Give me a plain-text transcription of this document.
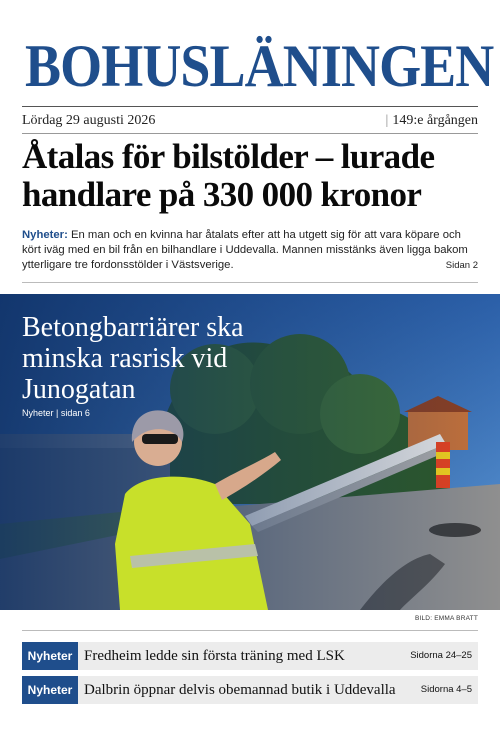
BOHUSLÄNINGEN
Lördag 29 augusti 2026	| 149:e årgången
Åtalas för bilstölder – lurade handlare på 330 000 kronor
Nyheter: En man och en kvinna har åtalats efter att ha utgett sig för att vara köpare och kört iväg med en bil från en bilhandlare i Uddevalla. Mannen misstänks även ligga bakom ytterligare tre fordonsstölder i Västsverige.	Sidan 2
Betongbarriärer ska minska rasrisk vid Junogatan
Nyheter | sidan 6
BILD: EMMA BRATT
Nyheter Fredheim ledde sin första träning med LSK	Sidorna 24–25
Nyheter Dalbrin öppnar delvis obemannad butik i Uddevalla	Sidorna 4–5
